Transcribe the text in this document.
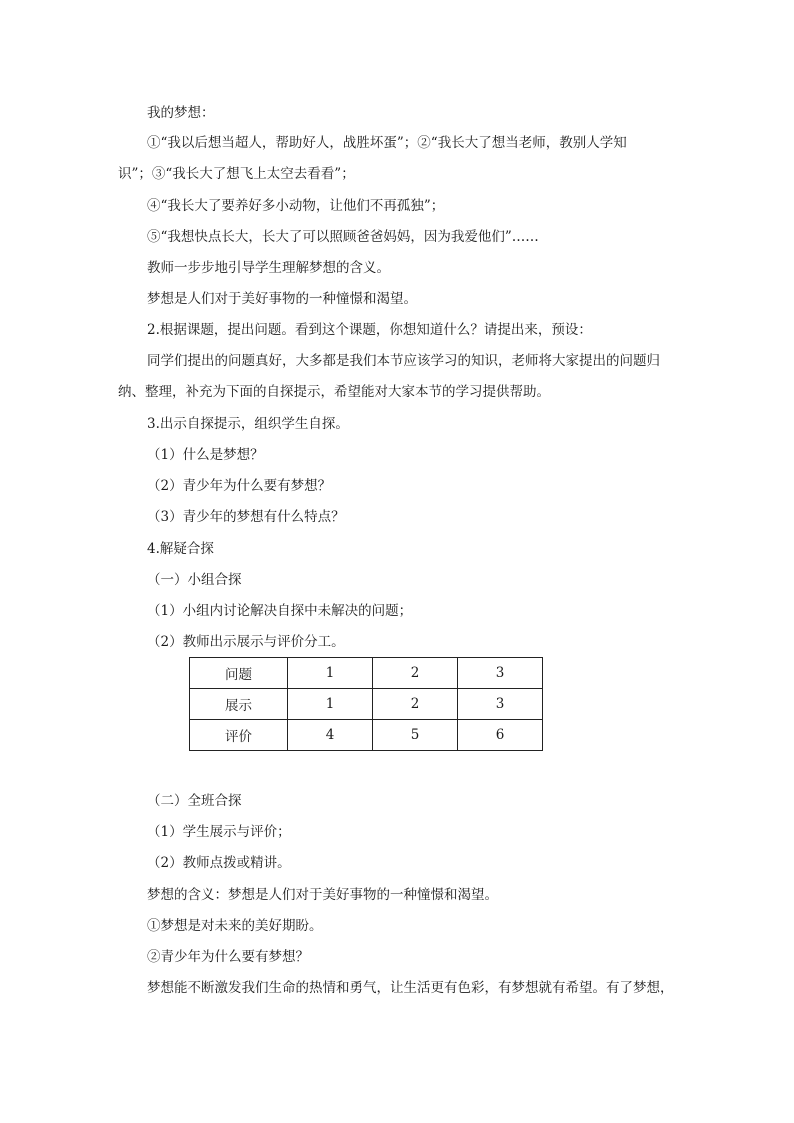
我的梦想：
①“我以后想当超人，帮助好人，战胜坏蛋”；②“我长大了想当老师，教别人学知
识”；③“我长大了想飞上太空去看看”；
④“我长大了要养好多小动物，让他们不再孤独”；
⑤“我想快点长大，长大了可以照顾爸爸妈妈，因为我爱他们”……
教师一步步地引导学生理解梦想的含义。
梦想是人们对于美好事物的一种憧憬和渴望。
2.根据课题，提出问题。看到这个课题，你想知道什么？请提出来，预设：
同学们提出的问题真好，大多都是我们本节应该学习的知识，老师将大家提出的问题归
纳、整理，补充为下面的自探提示，希望能对大家本节的学习提供帮助。
3.出示自探提示，组织学生自探。
（1）什么是梦想？
（2）青少年为什么要有梦想？
（3）青少年的梦想有什么特点？
4.解疑合探
（一）小组合探
（1）小组内讨论解决自探中未解决的问题；
（2）教师出示展示与评价分工。
问题	1	2	3
展示	1	2	3
评价	4	5	6
（二）全班合探
（1）学生展示与评价；
（2）教师点拨或精讲。
梦想的含义：梦想是人们对于美好事物的一种憧憬和渴望。
①梦想是对未来的美好期盼。
②青少年为什么要有梦想？
梦想能不断激发我们生命的热情和勇气，让生活更有色彩，有梦想就有希望。有了梦想，
